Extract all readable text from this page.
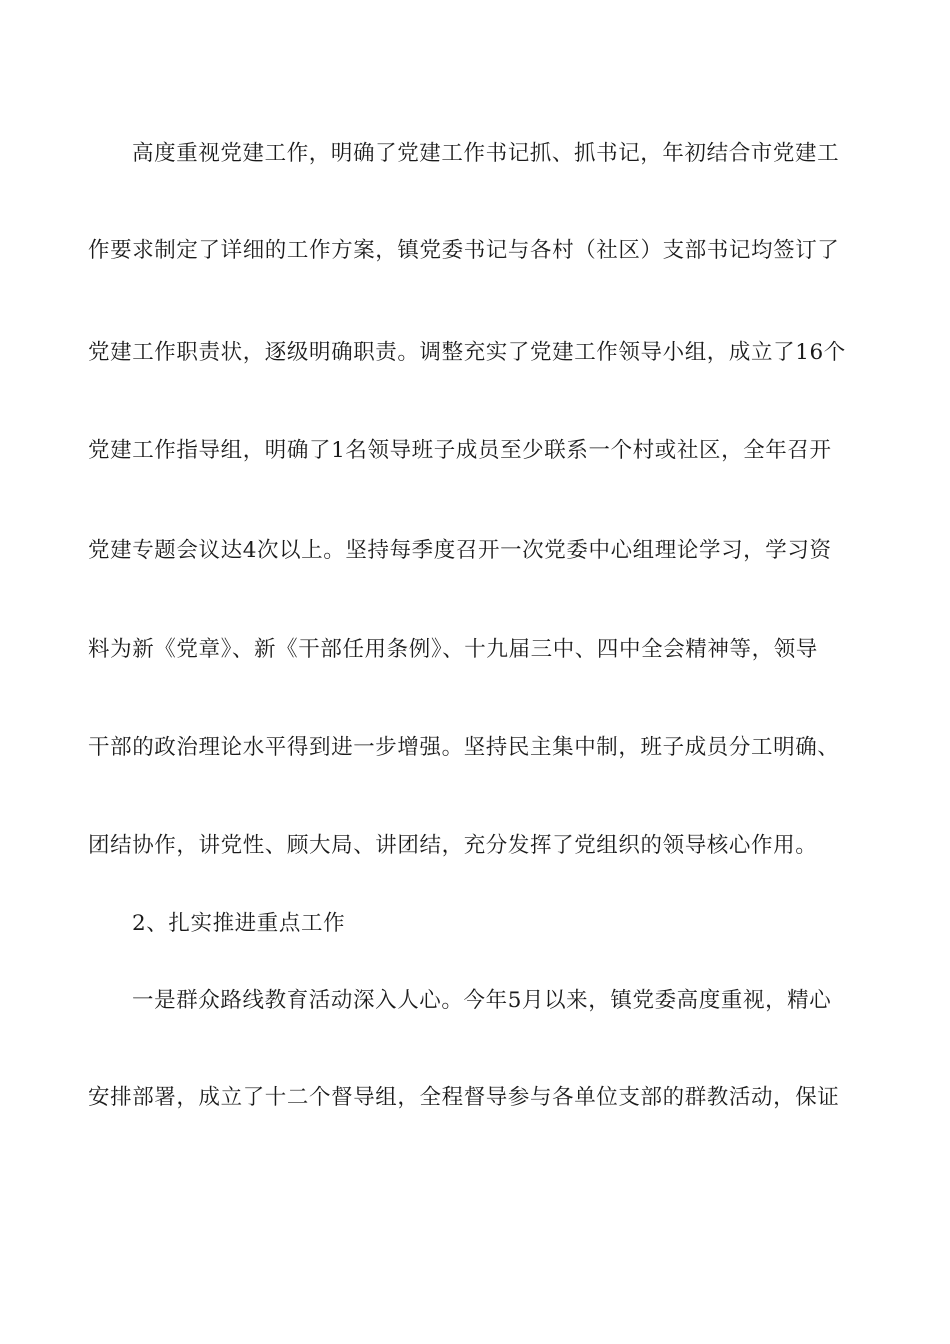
高度重视党建工作，明确了党建工作书记抓、抓书记，年初结合市党建工
作要求制定了详细的工作方案，镇党委书记与各村（社区）支部书记均签订了
党建工作职责状，逐级明确职责。调整充实了党建工作领导小组，成立了16个
党建工作指导组，明确了1名领导班子成员至少联系一个村或社区，全年召开
党建专题会议达4次以上。坚持每季度召开一次党委中心组理论学习，学习资
料为新《党章》、新《干部任用条例》、十九届三中、四中全会精神等，领导
干部的政治理论水平得到进一步增强。坚持民主集中制，班子成员分工明确、
团结协作，讲党性、顾大局、讲团结，充分发挥了党组织的领导核心作用。
2、扎实推进重点工作
一是群众路线教育活动深入人心。今年5月以来，镇党委高度重视，精心
安排部署，成立了十二个督导组，全程督导参与各单位支部的群教活动，保证
